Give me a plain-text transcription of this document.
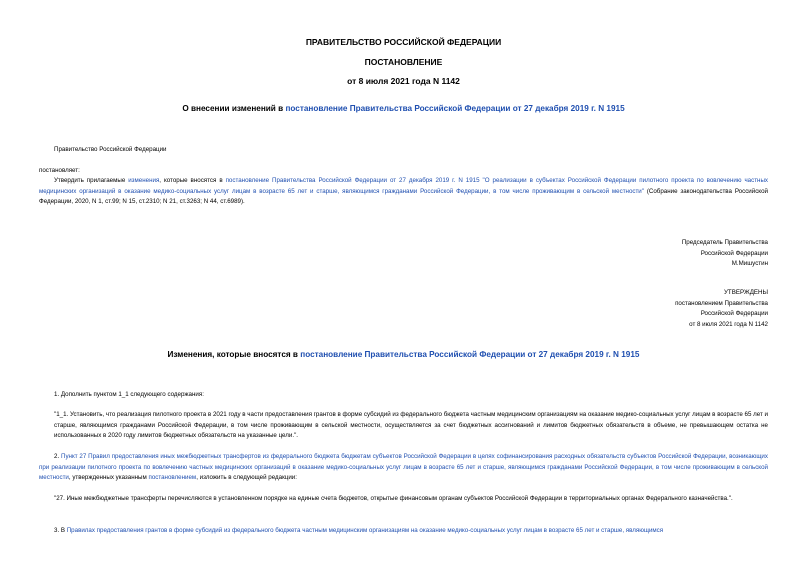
ПРАВИТЕЛЬСТВО РОССИЙСКОЙ ФЕДЕРАЦИИ
ПОСТАНОВЛЕНИЕ
от 8 июля 2021 года N 1142
О внесении изменений в постановление Правительства Российской Федерации от 27 декабря 2019 г. N 1915
Правительство Российской Федерации
постановляет:
Утвердить прилагаемые изменения, которые вносятся в постановление Правительства Российской Федерации от 27 декабря 2019 г. N 1915 "О реализации в субъектах Российской Федерации пилотного проекта по вовлечению частных медицинских организаций в оказание медико-социальных услуг лицам в возрасте 65 лет и старше, являющимся гражданами Российской Федерации, в том числе проживающим в сельской местности" (Собрание законодательства Российской Федерации, 2020, N 1, ст.99; N 15, ст.2310; N 21, ст.3263; N 44, ст.6989).
Председатель Правительства
Российской Федерации
М.Мишустин
УТВЕРЖДЕНЫ
постановлением Правительства
Российской Федерации
от 8 июля 2021 года N 1142
Изменения, которые вносятся в постановление Правительства Российской Федерации от 27 декабря 2019 г. N 1915
1. Дополнить пунктом 1_1 следующего содержания:
"1_1. Установить, что реализация пилотного проекта в 2021 году в части предоставления грантов в форме субсидий из федерального бюджета частным медицинским организациям на оказание медико-социальных услуг лицам в возрасте 65 лет и старше, являющимся гражданами Российской Федерации, в том числе проживающим в сельской местности, осуществляется за счет бюджетных ассигнований и лимитов бюджетных обязательств в объеме, не превышающем остатка не использованных в 2020 году лимитов бюджетных обязательств на указанные цели.".
2. Пункт 27 Правил предоставления иных межбюджетных трансфертов из федерального бюджета бюджетам субъектов Российской Федерации в целях софинансирования расходных обязательств субъектов Российской Федерации, возникающих при реализации пилотного проекта по вовлечению частных медицинских организаций в оказание медико-социальных услуг лицам в возрасте 65 лет и старше, являющимся гражданами Российской Федерации, в том числе проживающим в сельской местности, утвержденных указанным постановлением, изложить в следующей редакции:
"27. Иные межбюджетные трансферты перечисляются в установленном порядке на единые счета бюджетов, открытые финансовым органам субъектов Российской Федерации в территориальных органах Федерального казначейства.".
3. В Правилах предоставления грантов в форме субсидий из федерального бюджета частным медицинским организациям на оказание медико-социальных услуг лицам в возрасте 65 лет и старше, являющимся
